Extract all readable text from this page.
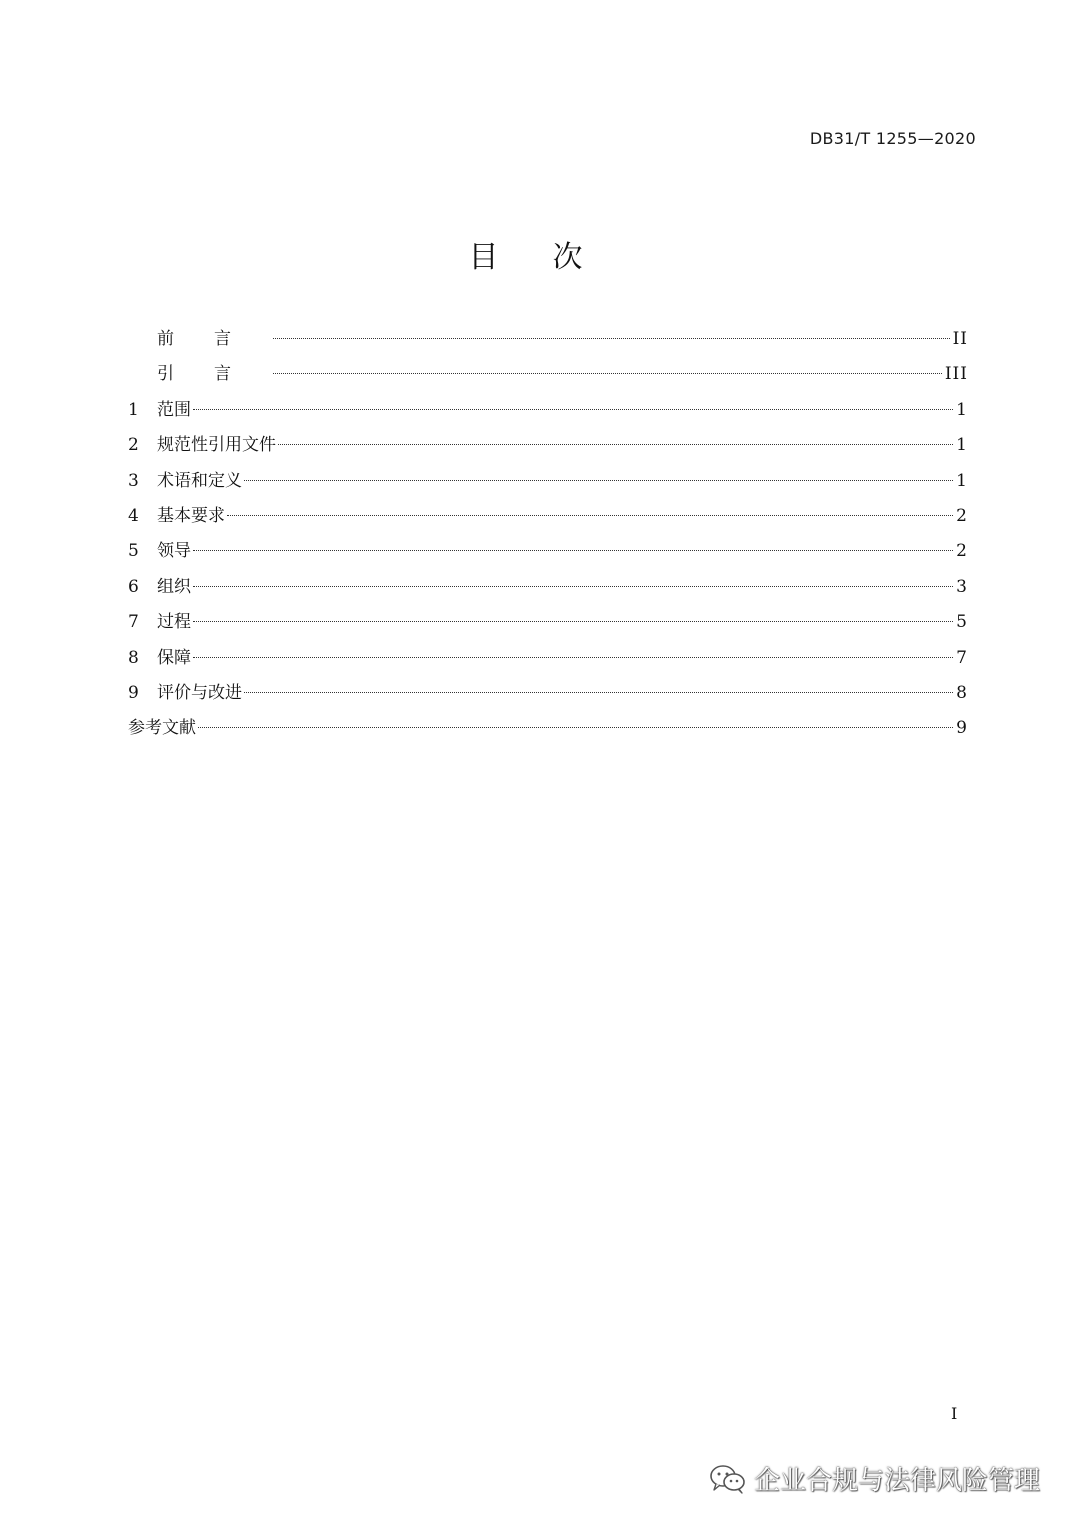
DB31/T 1255—2020
目次
前言	II
引言	III
1	范围	1
2	规范性引用文件	1
3	术语和定义	1
4	基本要求	2
5	领导	2
6	组织	3
7	过程	5
8	保障	7
9	评价与改进	8
参考文献	9
I
企业合规与法律风险管理
